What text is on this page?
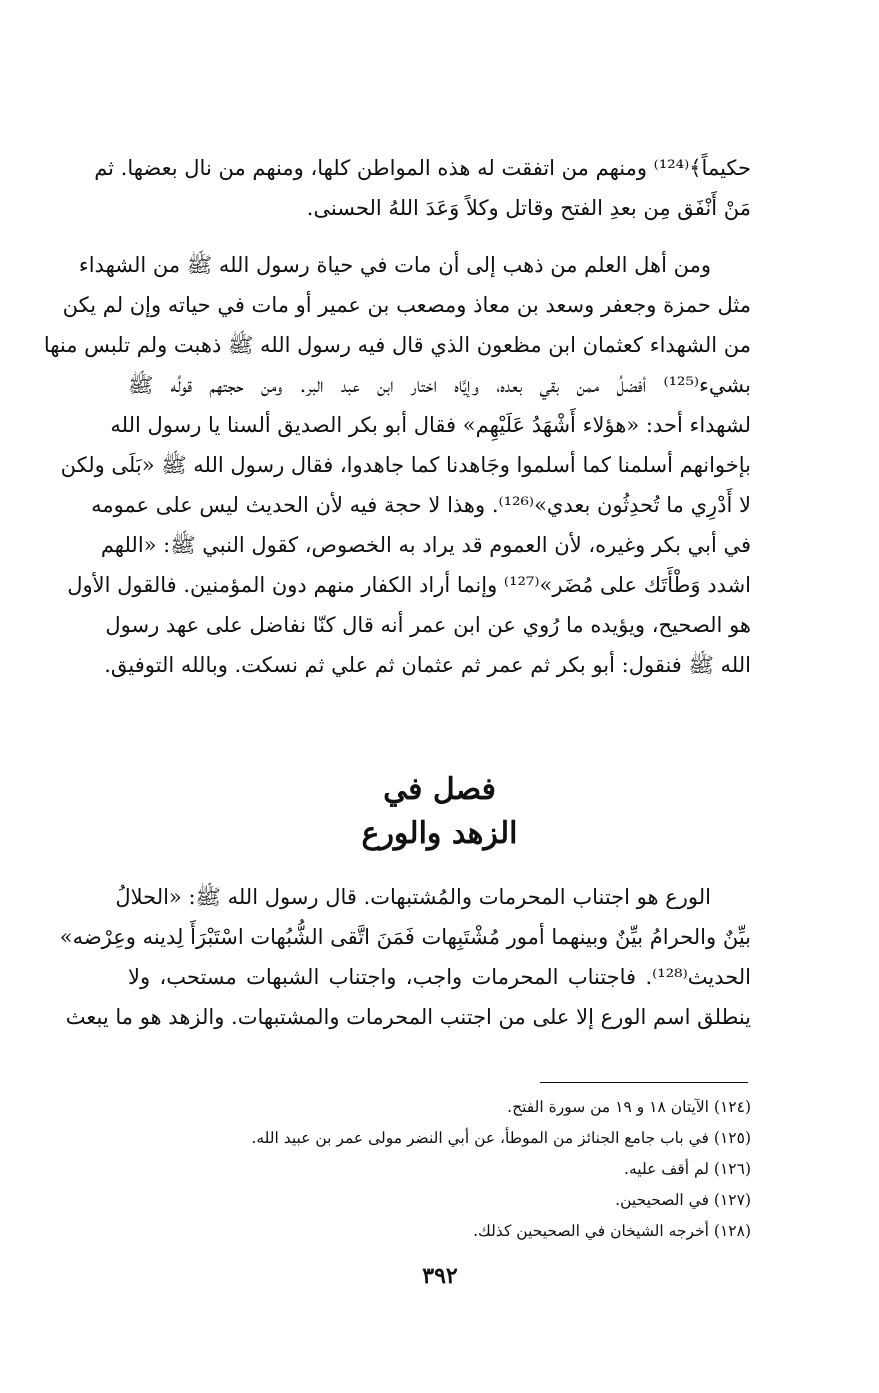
حكيماً﴾⁽¹²⁴⁾ ومنهم من اتفقت له هذه المواطن كلها، ومنهم من نال بعضها. ثم
مَنْ أَنْفَق مِن بعدِ الفتح وقاتل وكلاً وَعَدَ اللهُ الحسنى.
ومن أهل العلم من ذهب إلى أن مات في حياة رسول الله ﷺ من الشهداء
مثل حمزة وجعفر وسعد بن معاذ ومصعب بن عمير أو مات في حياته وإن لم يكن
من الشهداء كعثمان ابن مظعون الذي قال فيه رسول الله ﷺ ذهبت ولم تلبس منها
بشيء⁽¹²⁵⁾ أفضلُ ممن بقي بعده، وإيَّاه اختار ابن عبد البر. ومن حجتهم قولُه ﷺ
لشهداء أحد: «هؤلاء أَشْهَدُ عَلَيْهِم» فقال أبو بكر الصديق ألسنا يا رسول الله
بإخوانهم أسلمنا كما أسلموا وجَاهدنا كما جاهدوا، فقال رسول الله ﷺ «بَلَى ولكن
لا أَدْرِي ما تُحدِثُون بعدي»⁽¹²⁶⁾. وهذا لا حجة فيه لأن الحديث ليس على عمومه
في أبي بكر وغيره، لأن العموم قد يراد به الخصوص، كقول النبي ﷺ: «اللهم
اشدد وَطْأَتَك على مُضَر»⁽¹²⁷⁾ وإنما أراد الكفار منهم دون المؤمنين. فالقول الأول
هو الصحيح، ويؤيده ما رُوي عن ابن عمر أنه قال كنّا نفاضل على عهد رسول
الله ﷺ فنقول: أبو بكر ثم عمر ثم عثمان ثم علي ثم نسكت. وبالله التوفيق.
فصل في
الزهد والورع
الورع هو اجتناب المحرمات والمُشتبهات. قال رسول الله ﷺ: «الحلالُ
بيِّنٌ والحرامُ بيِّنٌ وبينهما أمور مُشْتَبِهات فَمَنَ اتَّقى الشُّبُهات اسْتَبْرَأَ لِدينه وعِرْضه»
الحديث⁽¹²⁸⁾. فاجتناب المحرمات واجب، واجتناب الشبهات مستحب، ولا
ينطلق اسم الورع إلا على من اجتنب المحرمات والمشتبهات. والزهد هو ما يبعث
(١٢٤) الآيتان ١٨ و ١٩ من سورة الفتح.
(١٢٥) في باب جامع الجنائز من الموطأ، عن أبي النضر مولى عمر بن عبيد الله.
(١٢٦) لم أقف عليه.
(١٢٧) في الصحيحين.
(١٢٨) أخرجه الشيخان في الصحيحين كذلك.
٣٩٢
